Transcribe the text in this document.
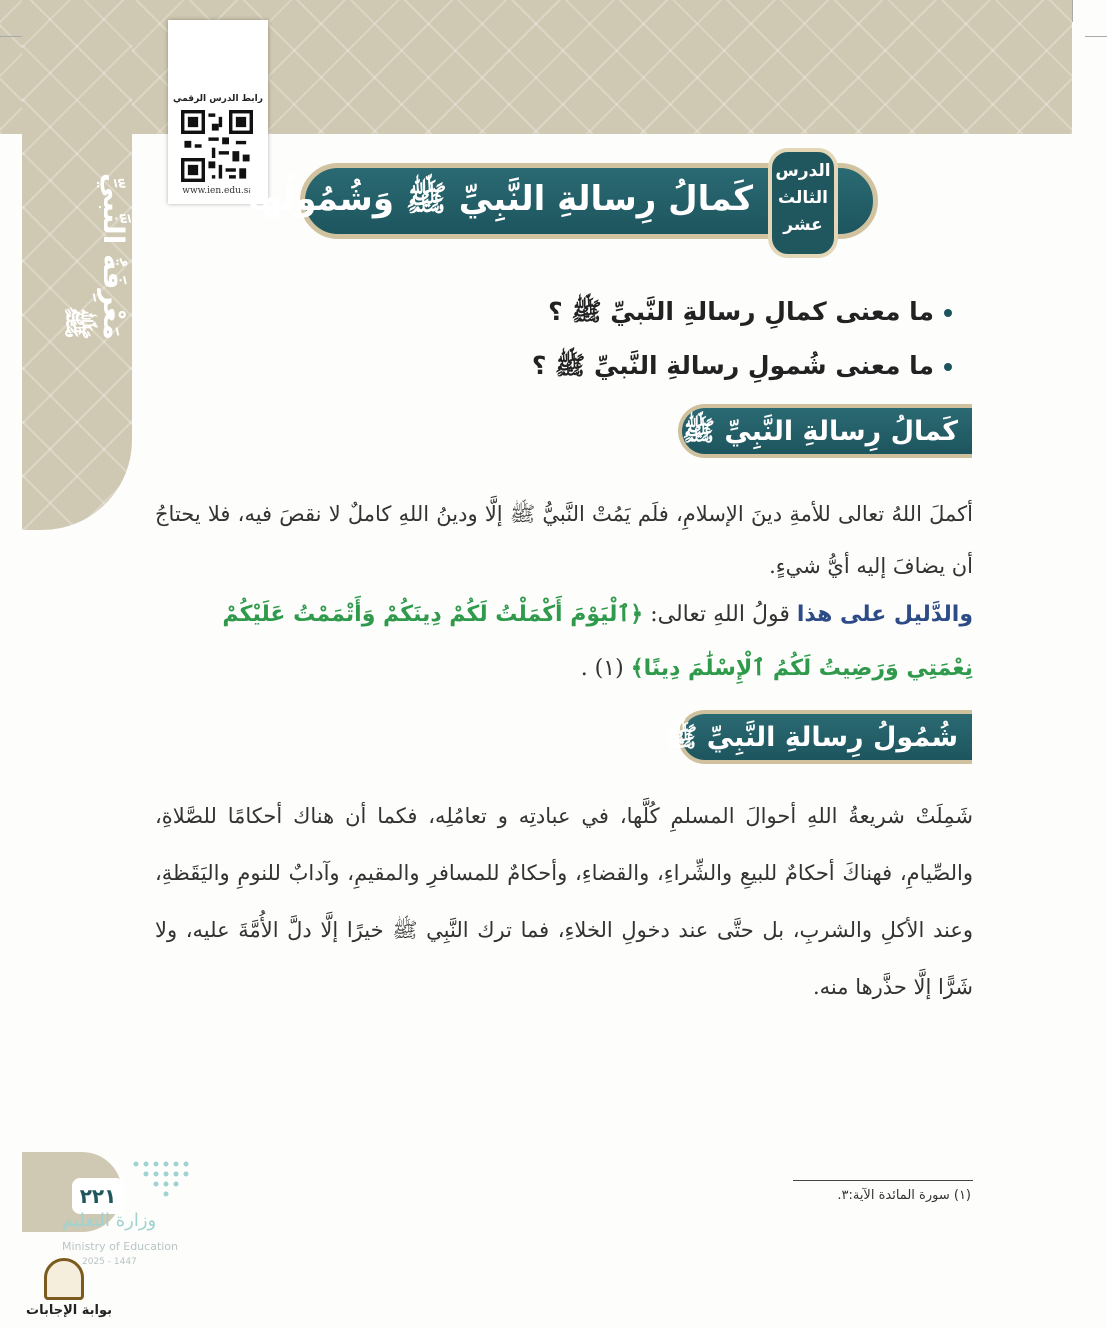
مَعْرِفَةُ النَّبيِّ ﷺ
رابط الدرس الرقمي
www.ien.edu.sa
كَمالُ رِسالةِ النَّبِيِّ ﷺ وَشُمُولُها
الدرس
الثالث
عشر
ما معنى كمالِ رسالةِ النَّبيِّ ﷺ ؟
ما معنى شُمولِ رسالةِ النَّبيِّ ﷺ ؟
كَمالُ رِسالةِ النَّبِيِّ ﷺ
أكملَ اللهُ تعالى للأمةِ دينَ الإسلامِ، فلَم يَمُتْ النَّبيُّ ﷺ إلَّا ودينُ اللهِ كاملٌ لا نقصَ فيه، فلا يحتاجُ أن يضافَ إليه أيُّ شيءٍ.
والدَّليل على هذا قولُ اللهِ تعالى: ﴿ٱلْيَوْمَ أَكْمَلْتُ لَكُمْ دِينَكُمْ وَأَتْمَمْتُ عَلَيْكُمْ نِعْمَتِي وَرَضِيتُ لَكُمُ ٱلْإِسْلَٰمَ دِينًا﴾ (١) .
شُمُولُ رِسالةِ النَّبِيِّ ﷺ
شَمِلَتْ شريعةُ اللهِ أحوالَ المسلمِ كُلَّها، في عبادتِه و تعامُلِه، فكما أن هناك أحكامًا للصَّلاةِ، والصِّيامِ، فهناكَ أحكامٌ للبيعِ والشِّراءِ، والقضاءِ، وأحكامٌ للمسافرِ والمقيمِ، وآدابٌ للنومِ واليَقَظةِ، وعند الأكلِ والشربِ، بل حتَّى عند دخولِ الخلاءِ، فما ترك النَّبِي ﷺ خيرًا إلَّا دلَّ الأُمَّةَ عليه، ولا شَرًّا إلَّا حذَّرها منه.
(١) سورة المائدة الآية:٣.
٢٢١
وزارة التعليم
Ministry of Education
2025 - 1447
بوابة الإجابات
